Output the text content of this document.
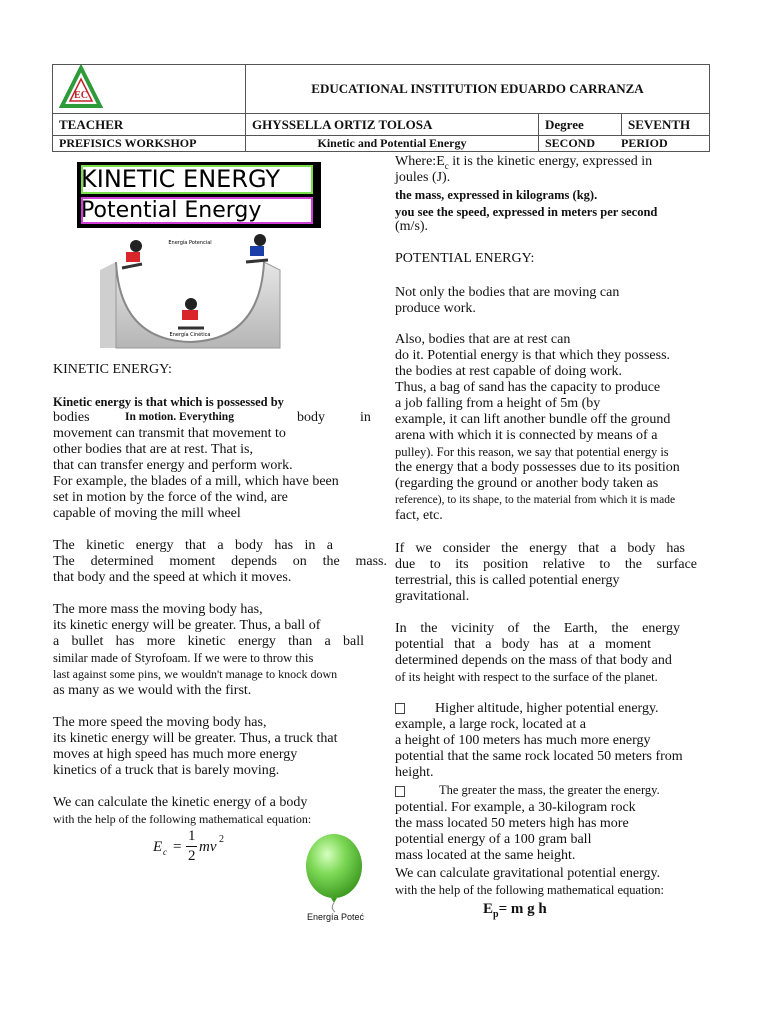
EC	EDUCATIONAL INSTITUTION EDUARDO CARRANZA		
TEACHER	GHYSSELLA ORTIZ TOLOSA	Degree	SEVENTH
PREFISICS WORKSHOP	Kinetic and Potential Energy	SECOND PERIOD	
KINETIC ENERGY
Potential Energy
Energía Potencial
Energía Cinética
KINETIC ENERGY:
Kinetic energy is that which is possessed by
bodies	In motion. Everything	body	in
movement can transmit that movement to
other bodies that are at rest. That is,
that can transfer energy and perform work.
For example, the blades of a mill, which have been
set in motion by the force of the wind, are
capable of moving the mill wheel
The kinetic energy that a body has in a
The determined moment depends on the mass.
that body and the speed at which it moves.
The more mass the moving body has,
its kinetic energy will be greater. Thus, a ball of
a bullet has more kinetic energy than a ball
similar made of Styrofoam. If we were to throw this
last against some pins, we wouldn't manage to knock down
as many as we would with the first.
The more speed the moving body has,
its kinetic energy will be greater. Thus, a truck that
moves at high speed has much more energy
kinetics of a truck that is barely moving.
We can calculate the kinetic energy of a body
with the help of the following mathematical equation:
E c =
1
2
mv 2
Energía Poteć
$Where:E_c$ it is the kinetic energy, expressed in
joules (J).
the mass, expressed in kilograms (kg).
you see the speed, expressed in meters per second
(m/s).
POTENTIAL ENERGY:
Not only the bodies that are moving can
produce work.
Also, bodies that are at rest can
do it. Potential energy is that which they possess.
the bodies at rest capable of doing work.
Thus, a bag of sand has the capacity to produce
a job falling from a height of 5m (by
example, it can lift another bundle off the ground
arena with which it is connected by means of a
pulley). For this reason, we say that potential energy is
the energy that a body possesses due to its position
(regarding the ground or another body taken as
reference), to its shape, to the material from which it is made
fact, etc.
If we consider the energy that a body has
due to its position relative to the surface
terrestrial, this is called potential energy
gravitational.
In the vicinity of the Earth, the energy
potential that a body has at a moment
determined depends on the mass of that body and
of its height with respect to the surface of the planet.
Higher altitude, higher potential energy.
example, a large rock, located at a
a height of 100 meters has much more energy
potential that the same rock located 50 meters from
height.
The greater the mass, the greater the energy.
potential. For example, a 30-kilogram rock
the mass located 50 meters high has more
potential energy of a 100 gram ball
mass located at the same height.
We can calculate gravitational potential energy.
with the help of the following mathematical equation:
$E_p= m$ g h
